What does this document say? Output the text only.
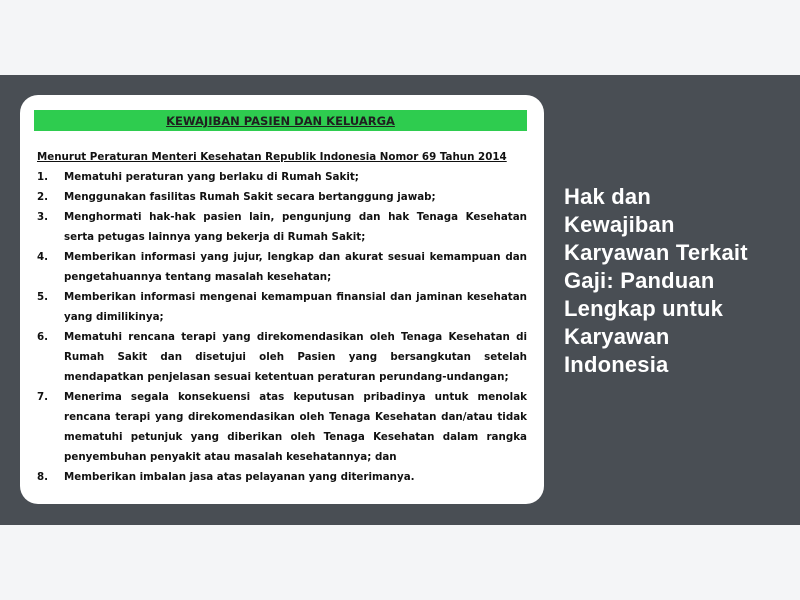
KEWAJIBAN PASIEN DAN KELUARGA
Menurut Peraturan Menteri Kesehatan Republik Indonesia Nomor 69 Tahun 2014
1.	Mematuhi peraturan yang berlaku di Rumah Sakit;
2.	Menggunakan fasilitas Rumah Sakit secara bertanggung jawab;
3.	Menghormati hak-hak pasien lain, pengunjung dan hak Tenaga Kesehatan serta petugas lainnya yang bekerja di Rumah Sakit;
4.	Memberikan informasi yang jujur, lengkap dan akurat sesuai kemampuan dan pengetahuannya tentang masalah kesehatan;
5.	Memberikan informasi mengenai kemampuan finansial dan jaminan kesehatan yang dimilikinya;
6.	Mematuhi rencana terapi yang direkomendasikan oleh Tenaga Kesehatan di Rumah Sakit dan disetujui oleh Pasien yang bersangkutan setelah mendapatkan penjelasan sesuai ketentuan peraturan perundang-undangan;
7.	Menerima segala konsekuensi atas keputusan pribadinya untuk menolak rencana terapi yang direkomendasikan oleh Tenaga Kesehatan dan/atau tidak mematuhi petunjuk yang diberikan oleh Tenaga Kesehatan dalam rangka penyembuhan penyakit atau masalah kesehatannya; dan
8.	Memberikan imbalan jasa atas pelayanan yang diterimanya.
Hak dan Kewajiban Karyawan Terkait Gaji: Panduan Lengkap untuk Karyawan Indonesia
